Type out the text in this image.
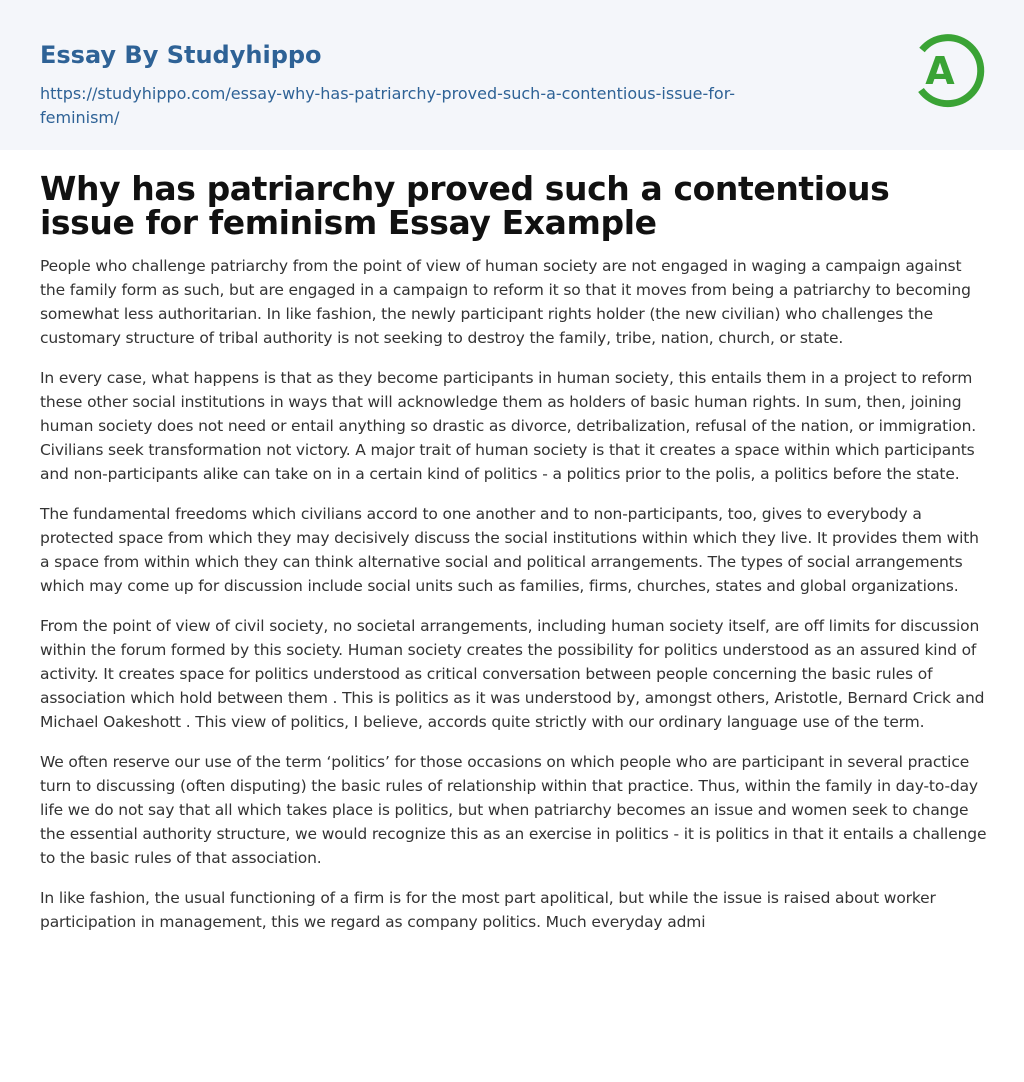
Essay By Studyhippo
https://studyhippo.com/essay-why-has-patriarchy-proved-such-a-contentious-issue-for-
feminism/
A
Why has patriarchy proved such a contentious issue for feminism Essay Example

People who challenge patriarchy from the point of view of human society are not engaged in waging a campaign against the family form as such, but are engaged in a campaign to reform it so that it moves from being a patriarchy to becoming somewhat less authoritarian. In like fashion, the newly participant rights holder (the new civilian) who challenges the customary structure of tribal authority is not seeking to destroy the family, tribe, nation, church, or state.

In every case, what happens is that as they become participants in human society, this entails them in a project to reform these other social institutions in ways that will acknowledge them as holders of basic human rights. In sum, then, joining human society does not need or entail anything so drastic as divorce, detribalization, refusal of the nation, or immigration. Civilians seek transformation not victory. A major trait of human society is that it creates a space within which participants and non-participants alike can take on in a certain kind of politics - a politics prior to the polis, a politics before the state.

The fundamental freedoms which civilians accord to one another and to non-participants, too, gives to everybody a protected space from which they may decisively discuss the social institutions within which they live. It provides them with a space from within which they can think alternative social and political arrangements. The types of social arrangements which may come up for discussion include social units such as families, firms, churches, states and global organizations.

From the point of view of civil society, no societal arrangements, including human society itself, are off limits for discussion within the forum formed by this society. Human society creates the possibility for politics understood as an assured kind of activity. It creates space for politics understood as critical conversation between people concerning the basic rules of association which hold between them . This is politics as it was understood by, amongst others, Aristotle, Bernard Crick and Michael Oakeshott . This view of politics, I believe, accords quite strictly with our ordinary language use of the term.

We often reserve our use of the term ‘politics’ for those occasions on which people who are participant in several practice turn to discussing (often disputing) the basic rules of relationship within that practice. Thus, within the family in day-to-day life we do not say that all which takes place is politics, but when patriarchy becomes an issue and women seek to change the essential authority structure, we would recognize this as an exercise in politics - it is politics in that it entails a challenge to the basic rules of that association.

In like fashion, the usual functioning of a firm is for the most part apolitical, but while the issue is raised about worker participation in management, this we regard as company politics. Much everyday admi
